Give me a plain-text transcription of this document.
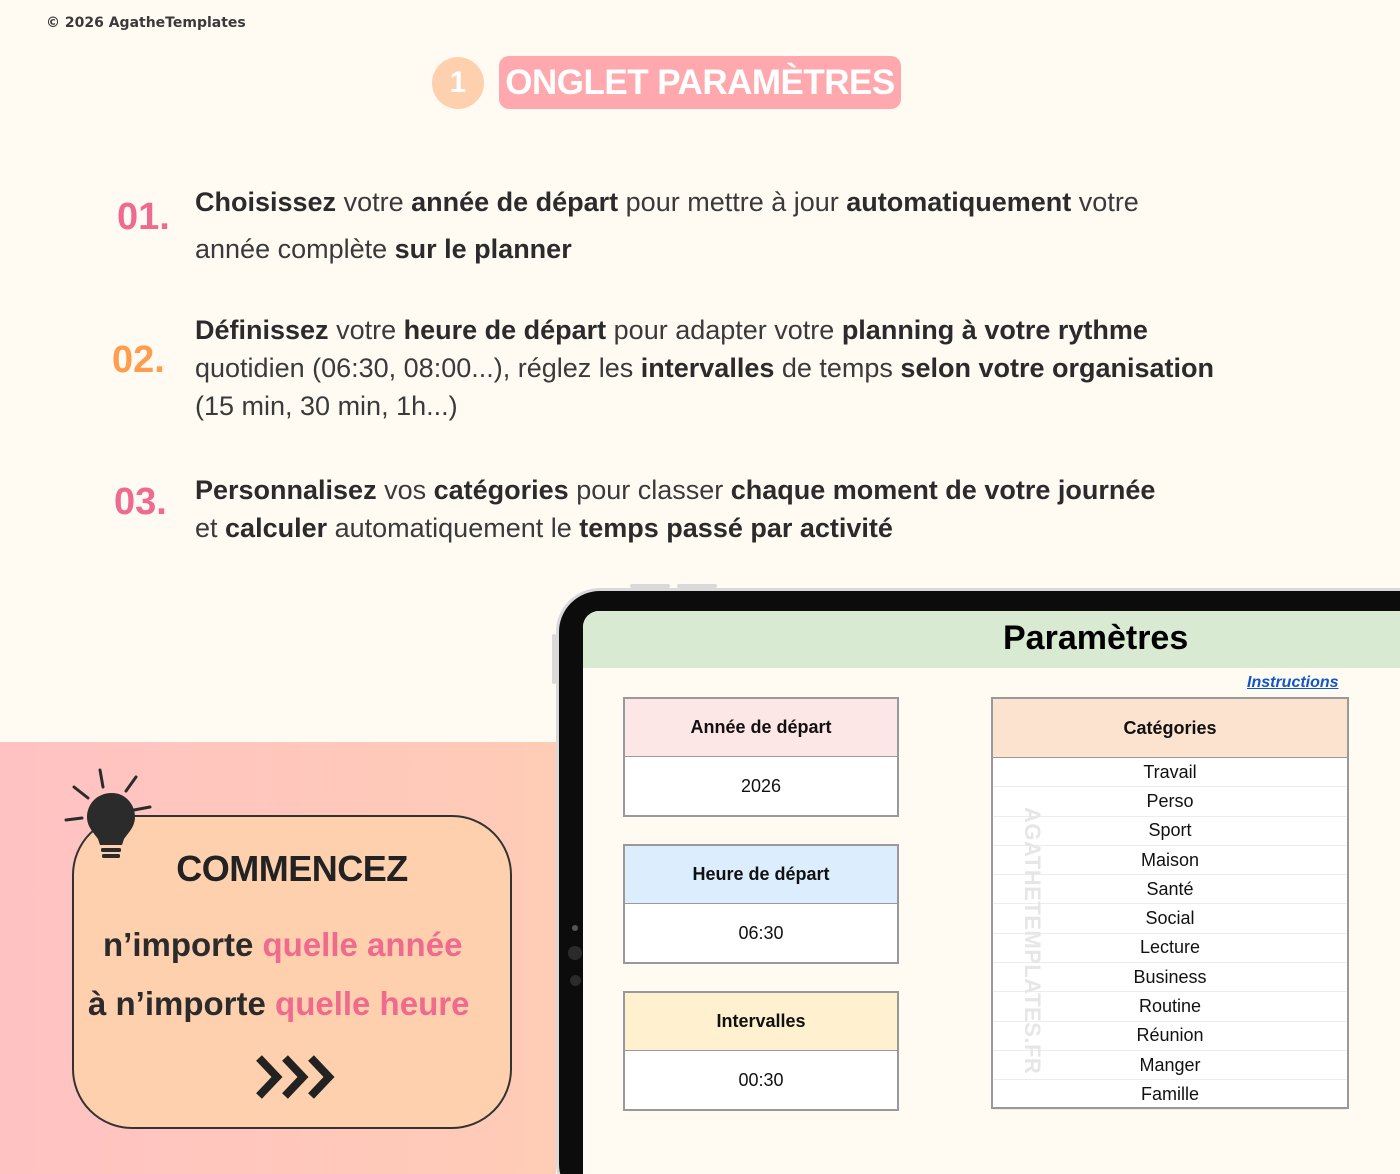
© 2026 AgatheTemplates
1	ONGLET PARAMÈTRES
01. Choisissez votre année de départ pour mettre à jour automatiquement votre
année complète sur le planner
02.
Définissez votre heure de départ pour adapter votre planning à votre rythme
quotidien (06:30, 08:00...), réglez les intervalles de temps selon votre organisation
(15 min, 30 min, 1h...)
03. Personnalisez vos catégories pour classer chaque moment de votre journée
et calculer automatiquement le temps passé par activité
COMMENCEZ
n’importe quelle année
à n’importe quelle heure
Paramètres
Instructions
Année de départ
2026
Heure de départ
06:30
Intervalles
00:30
Catégories
Travail
Perso
Sport
Maison
Santé
Social
Lecture
Business
Routine
Réunion
Manger
Famille
AGATHETEMPLATES.FR
